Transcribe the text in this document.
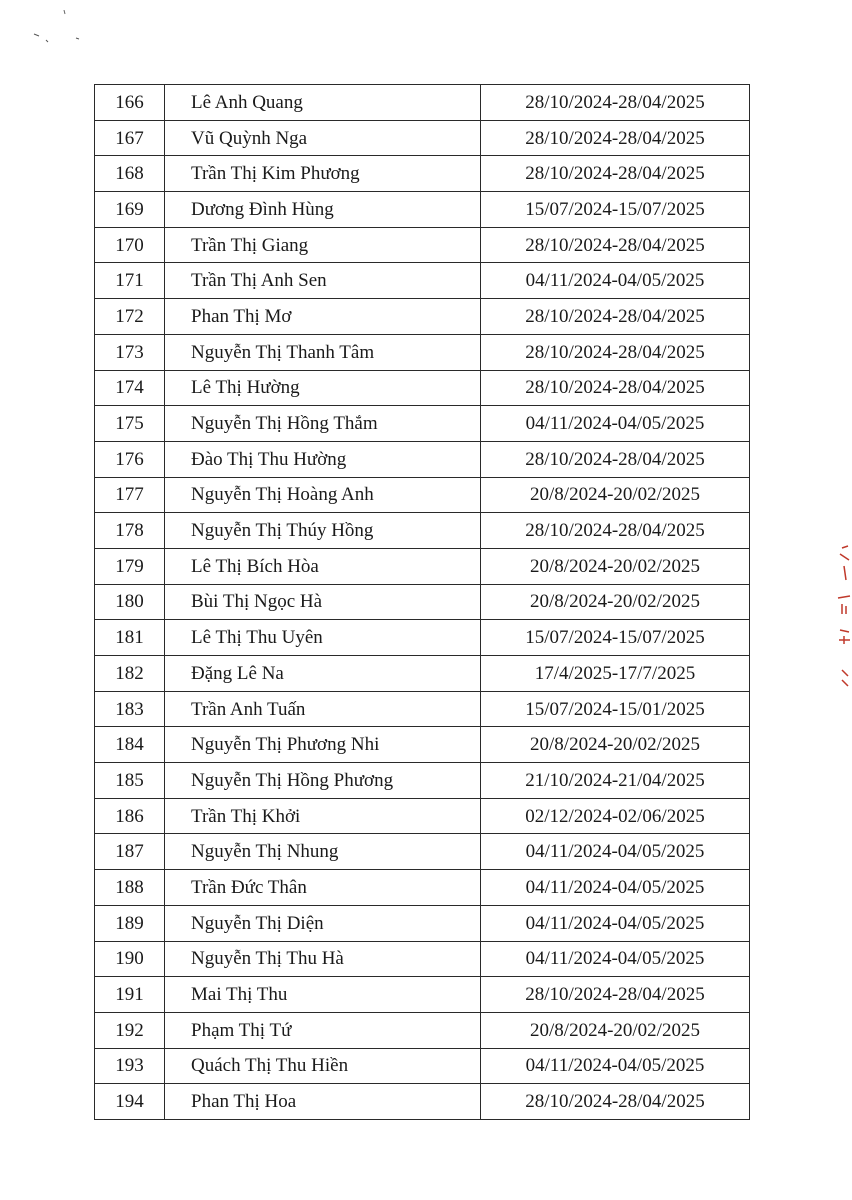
166	Lê Anh Quang	28/10/2024-28/04/2025
167	Vũ Quỳnh Nga	28/10/2024-28/04/2025
168	Trần Thị Kim Phương	28/10/2024-28/04/2025
169	Dương Đình Hùng	15/07/2024-15/07/2025
170	Trần Thị Giang	28/10/2024-28/04/2025
171	Trần Thị Anh Sen	04/11/2024-04/05/2025
172	Phan Thị Mơ	28/10/2024-28/04/2025
173	Nguyễn Thị Thanh Tâm	28/10/2024-28/04/2025
174	Lê Thị Hường	28/10/2024-28/04/2025
175	Nguyễn Thị Hồng Thắm	04/11/2024-04/05/2025
176	Đào Thị Thu Hường	28/10/2024-28/04/2025
177	Nguyễn Thị Hoàng Anh	20/8/2024-20/02/2025
178	Nguyễn Thị Thúy Hồng	28/10/2024-28/04/2025
179	Lê Thị Bích Hòa	20/8/2024-20/02/2025
180	Bùi Thị Ngọc Hà	20/8/2024-20/02/2025
181	Lê Thị Thu Uyên	15/07/2024-15/07/2025
182	Đặng Lê Na	17/4/2025-17/7/2025
183	Trần Anh Tuấn	15/07/2024-15/01/2025
184	Nguyễn Thị Phương Nhi	20/8/2024-20/02/2025
185	Nguyễn Thị Hồng Phương	21/10/2024-21/04/2025
186	Trần Thị Khởi	02/12/2024-02/06/2025
187	Nguyễn Thị Nhung	04/11/2024-04/05/2025
188	Trần Đức Thân	04/11/2024-04/05/2025
189	Nguyễn Thị Diện	04/11/2024-04/05/2025
190	Nguyễn Thị Thu Hà	04/11/2024-04/05/2025
191	Mai Thị Thu	28/10/2024-28/04/2025
192	Phạm Thị Tứ	20/8/2024-20/02/2025
193	Quách Thị Thu Hiền	04/11/2024-04/05/2025
194	Phan Thị Hoa	28/10/2024-28/04/2025
